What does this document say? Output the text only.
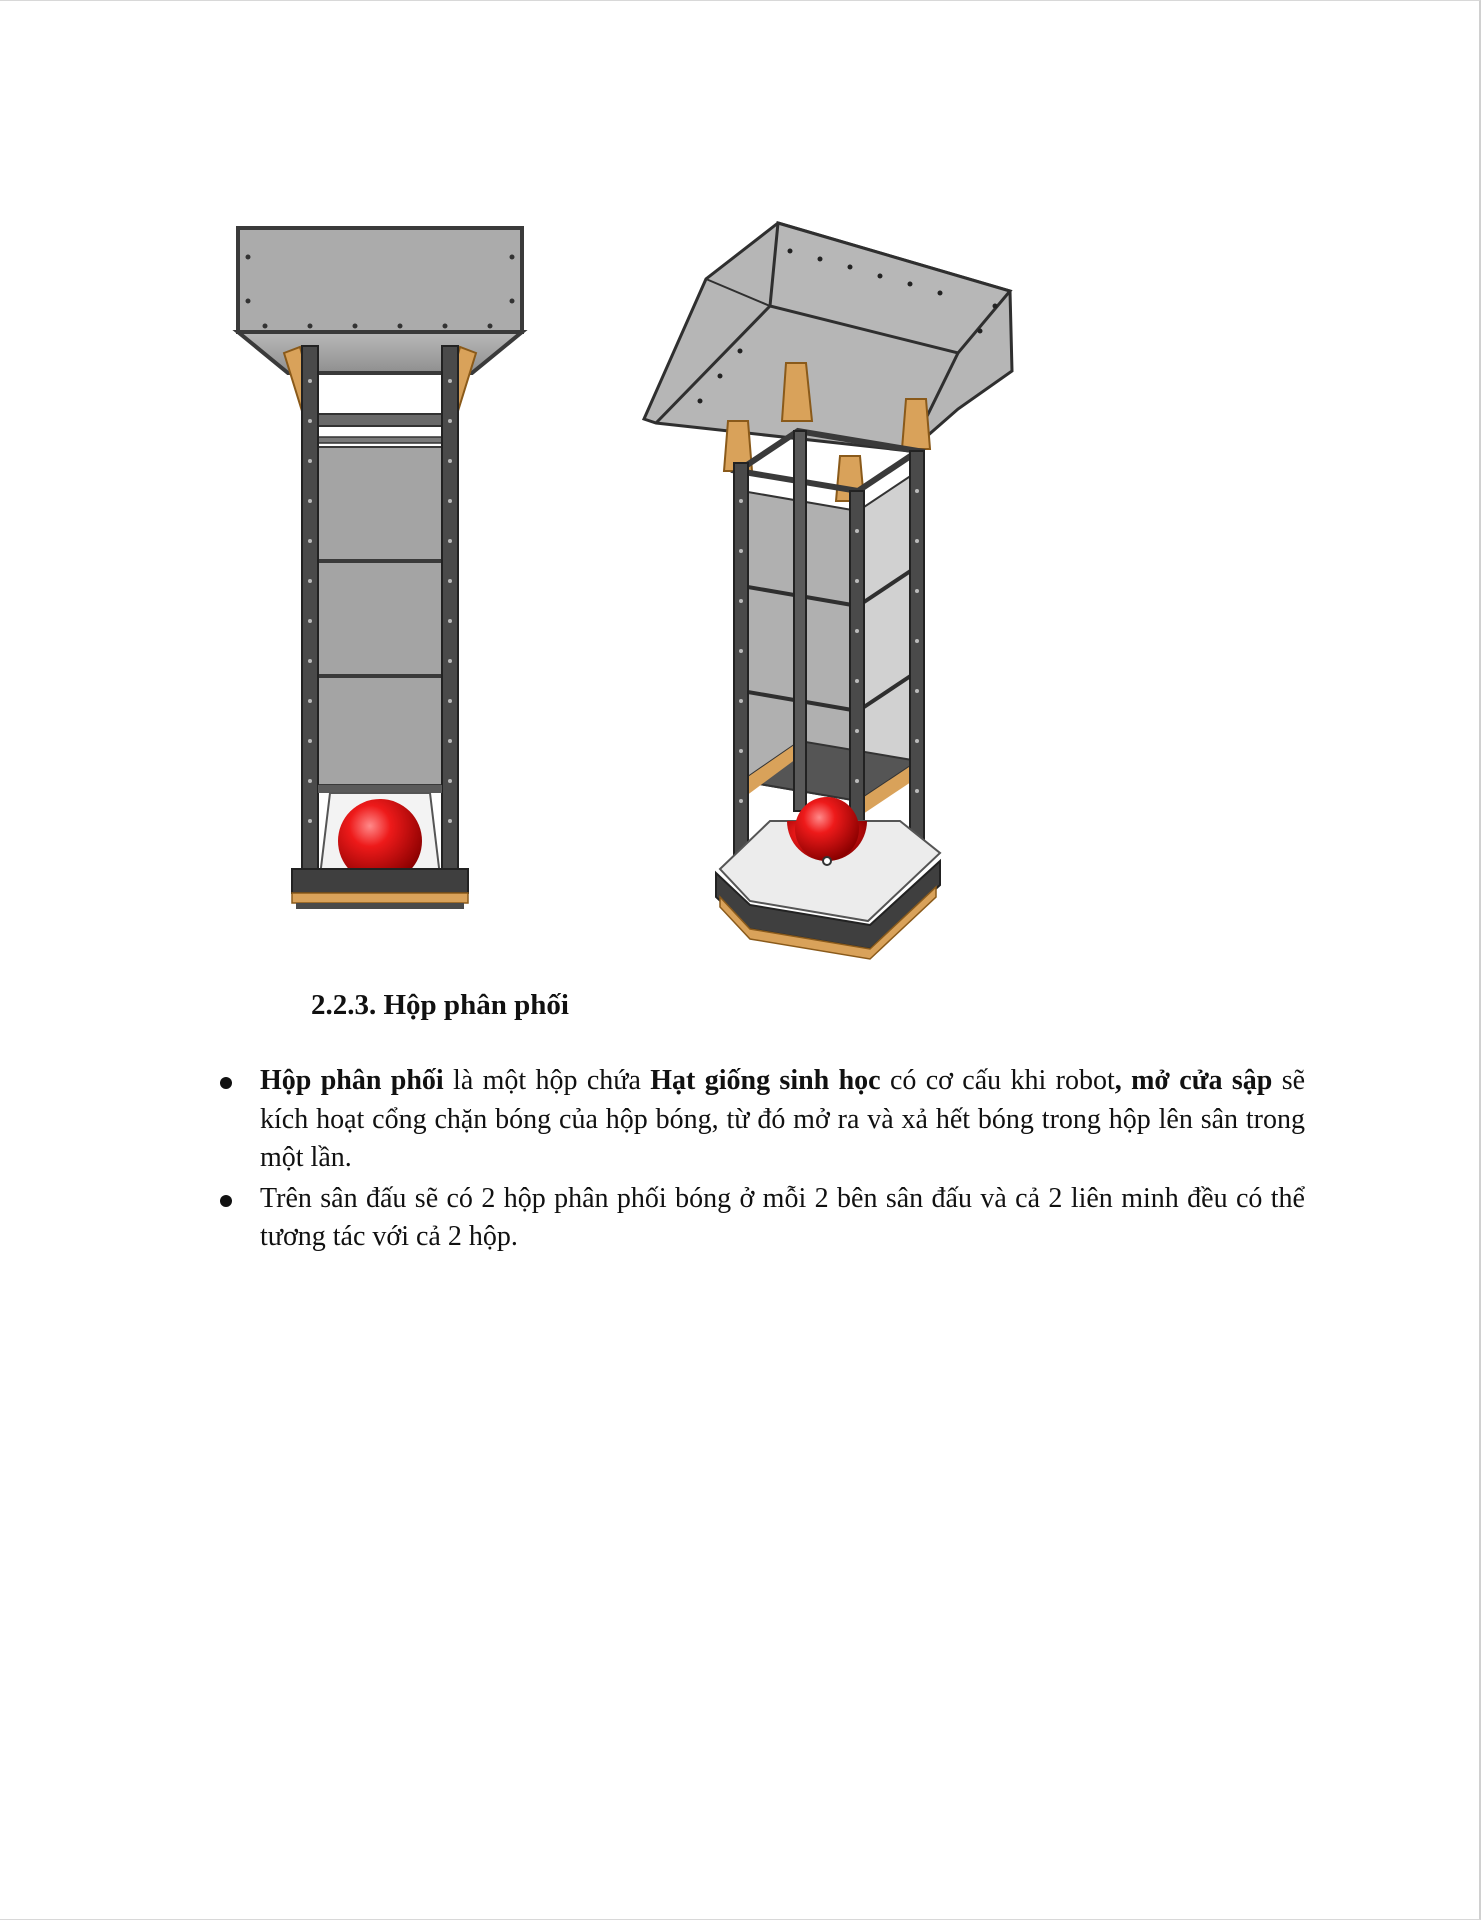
2.2.3. Hộp phân phối
Hộp phân phối là một hộp chứa Hạt giống sinh học có cơ cấu khi robot, mở cửa sập sẽ kích hoạt cổng chặn bóng của hộp bóng, từ đó mở ra và xả hết bóng trong hộp lên sân trong một lần.
Trên sân đấu sẽ có 2 hộp phân phối bóng ở mỗi 2 bên sân đấu và cả 2 liên minh đều có thể tương tác với cả 2 hộp.
